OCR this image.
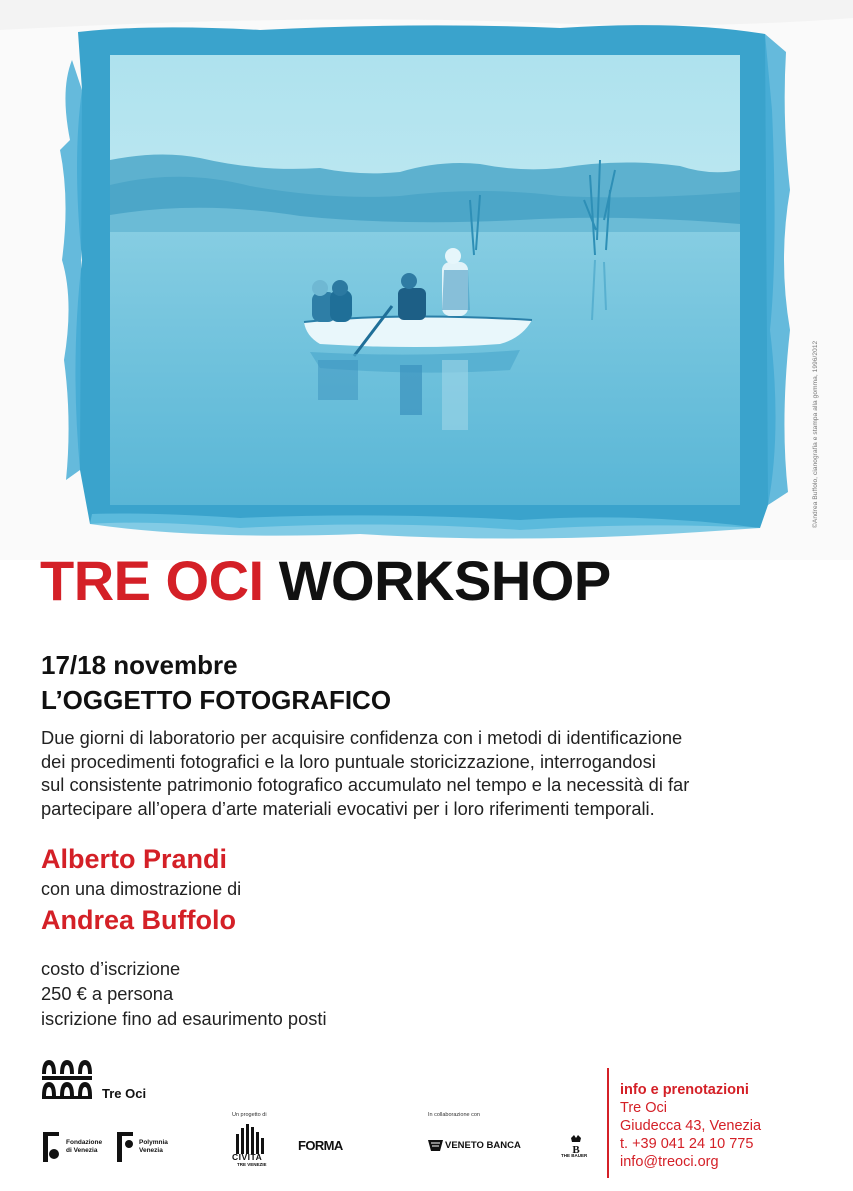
©Andrea Buffolo, cianografia e stampa alla gomma, 1996/2012
TRE OCI WORKSHOP
17/18 novembre
L’OGGETTO FOTOGRAFICO
Due giorni di laboratorio per acquisire confidenza con i metodi di identificazione
dei procedimenti fotografici e la loro puntuale storicizzazione, interrogandosi
sul consistente patrimonio fotografico accumulato nel tempo e la necessità di far
partecipare all’opera d’arte materiali evocativi per i loro riferimenti temporali.
Alberto Prandi
con una dimostrazione di
Andrea Buffolo
costo d’iscrizione
250 € a persona
iscrizione fino ad esaurimento posti
Tre Oci
Fondazione
di Venezia
Polymnia
Venezia
Un progetto di
CIVITA
TRE VENEZIE
FORMA
In collaborazione con
VENETO BANCA	B
THE BAUER
info e prenotazioni
Tre Oci
Giudecca 43, Venezia
t. +39 041 24 10 775
info@treoci.org
